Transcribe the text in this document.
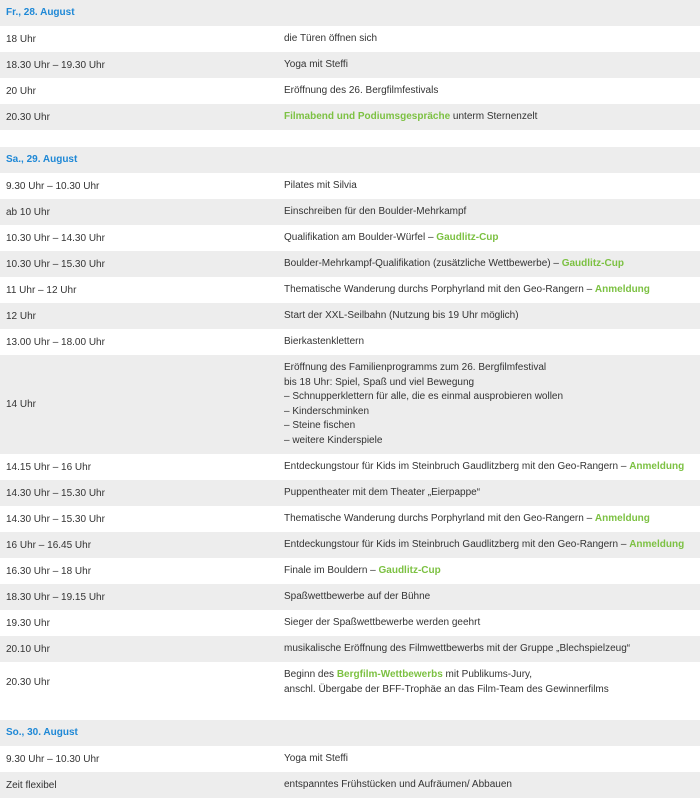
Fr., 28. August
18 Uhr	die Türen öffnen sich
18.30 Uhr – 19.30 Uhr	Yoga mit Steffi
20 Uhr	Eröffnung des 26. Bergfilmfestivals
20.30 Uhr	Filmabend und Podiumsgespräche unterm Sternenzelt
Sa., 29. August
9.30 Uhr – 10.30 Uhr	Pilates mit Silvia
ab 10 Uhr	Einschreiben für den Boulder-Mehrkampf
10.30 Uhr – 14.30 Uhr	Qualifikation am Boulder-Würfel – Gaudlitz-Cup
10.30 Uhr – 15.30 Uhr	Boulder-Mehrkampf-Qualifikation (zusätzliche Wettbewerbe) – Gaudlitz-Cup
11 Uhr – 12 Uhr	Thematische Wanderung durchs Porphyrland mit den Geo-Rangern – Anmeldung
12 Uhr	Start der XXL-Seilbahn (Nutzung bis 19 Uhr möglich)
13.00 Uhr – 18.00 Uhr	Bierkastenklettern
14 Uhr
Eröffnung des Familienprogramms zum 26. Bergfilmfestival
bis 18 Uhr: Spiel, Spaß und viel Bewegung
– Schnupperklettern für alle, die es einmal ausprobieren wollen
– Kinderschminken
– Steine fischen
– weitere Kinderspiele
14.15 Uhr – 16 Uhr	Entdeckungstour für Kids im Steinbruch Gaudlitzberg mit den Geo-Rangern – Anmeldung
14.30 Uhr – 15.30 Uhr	Puppentheater mit dem Theater „Eierpappe“
14.30 Uhr – 15.30 Uhr	Thematische Wanderung durchs Porphyrland mit den Geo-Rangern – Anmeldung
16 Uhr – 16.45 Uhr	Entdeckungstour für Kids im Steinbruch Gaudlitzberg mit den Geo-Rangern – Anmeldung
16.30 Uhr – 18 Uhr	Finale im Bouldern – Gaudlitz-Cup
18.30 Uhr – 19.15 Uhr	Spaßwettbewerbe auf der Bühne
19.30 Uhr	Sieger der Spaßwettbewerbe werden geehrt
20.10 Uhr	musikalische Eröffnung des Filmwettbewerbs mit der Gruppe „Blechspielzeug“
20.30 Uhr
Beginn des Bergfilm-Wettbewerbs mit Publikums-Jury,
anschl. Übergabe der BFF-Trophäe an das Film-Team des Gewinnerfilms
So., 30. August
9.30 Uhr – 10.30 Uhr	Yoga mit Steffi
Zeit flexibel	entspanntes Frühstücken und Aufräumen/ Abbauen
